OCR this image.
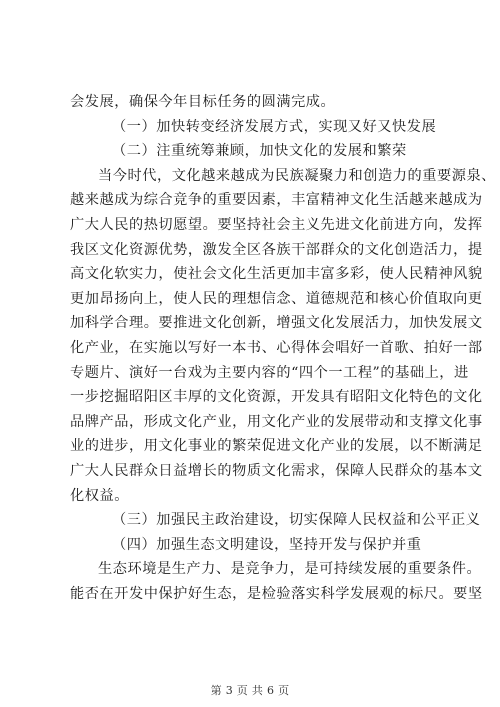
会发展，确保今年目标任务的圆满完成。
（一）加快转变经济发展方式，实现又好又快发展
（二）注重统筹兼顾，加快文化的发展和繁荣
当今时代，文化越来越成为民族凝聚力和创造力的重要源泉、
越来越成为综合竞争的重要因素，丰富精神文化生活越来越成为
广大人民的热切愿望。要坚持社会主义先进文化前进方向，发挥
我区文化资源优势，激发全区各族干部群众的文化创造活力，提
高文化软实力，使社会文化生活更加丰富多彩，使人民精神风貌
更加昂扬向上，使人民的理想信念、道德规范和核心价值取向更
加科学合理。要推进文化创新，增强文化发展活力，加快发展文
化产业，在实施以写好一本书、心得体会唱好一首歌、拍好一部
专题片、演好一台戏为主要内容的“四个一工程”的基础上，进
一步挖掘昭阳区丰厚的文化资源，开发具有昭阳文化特色的文化
品牌产品，形成文化产业，用文化产业的发展带动和支撑文化事
业的进步，用文化事业的繁荣促进文化产业的发展，以不断满足
广大人民群众日益增长的物质文化需求，保障人民群众的基本文
化权益。
（三）加强民主政治建设，切实保障人民权益和公平正义
（四）加强生态文明建设，坚持开发与保护并重
生态环境是生产力、是竞争力，是可持续发展的重要条件。
能否在开发中保护好生态，是检验落实科学发展观的标尺。要坚
第 3 页 共 6 页
